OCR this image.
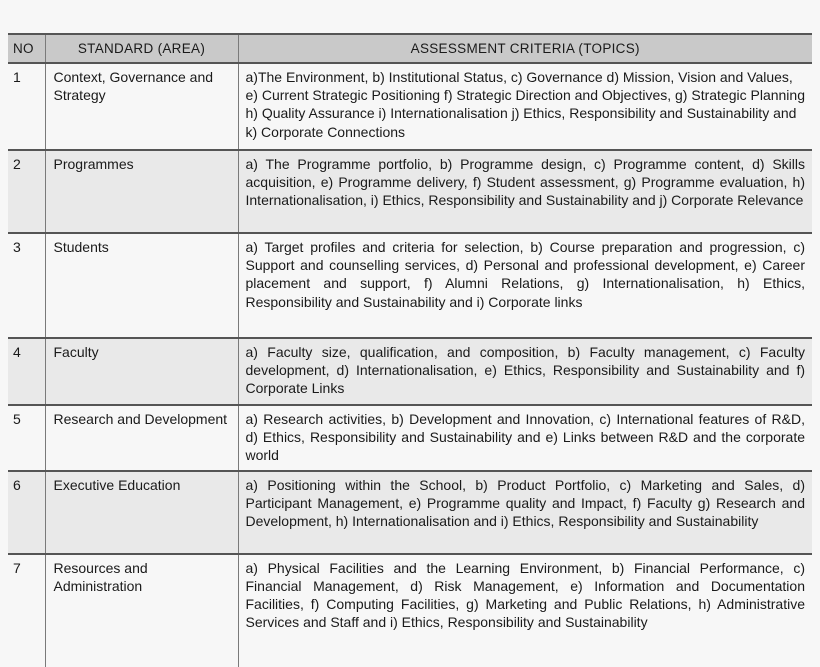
NO	STANDARD (AREA)	ASSESSMENT CRITERIA (TOPICS)
1	Context, Governance and Strategy	a)The Environment, b) Institutional Status, c) Governance d) Mission, Vision and Values, e) Current Strategic Positioning f) Strategic Direction and Objectives, g) Strategic Planning h) Quality Assurance i) Internationalisation j) Ethics, Responsibility and Sustainability and k) Corporate Connections
2	Programmes	a) The Programme portfolio, b) Programme design, c) Programme content, d) Skills acquisition, e) Programme delivery, f) Student assessment, g) Programme evaluation, h) Internationalisation, i) Ethics, Responsibility and Sustainability and j) Corporate Relevance
3	Students	a) Target profiles and criteria for selection, b) Course preparation and progression, c) Support and counselling services, d) Personal and professional development, e) Career placement and support, f) Alumni Relations, g) Internationalisation, h) Ethics, Responsibility and Sustainability and i) Corporate links
4	Faculty	a) Faculty size, qualification, and composition, b) Faculty management, c) Faculty development, d) Internationalisation, e) Ethics, Responsibility and Sustainability and f) Corporate Links
5	Research and Development	a) Research activities, b) Development and Innovation, c) International features of R&D, d) Ethics, Responsibility and Sustainability and e) Links between R&D and the corporate world
6	Executive Education	a) Positioning within the School, b) Product Portfolio, c) Marketing and Sales, d) Participant Management, e) Programme quality and Impact, f) Faculty g) Research and Development, h) Internationalisation and i) Ethics, Responsibility and Sustainability
7	Resources and Administration	a) Physical Facilities and the Learning Environment, b) Financial Performance, c) Financial Management, d) Risk Management, e) Information and Documentation Facilities, f) Computing Facilities, g) Marketing and Public Relations, h) Administrative Services and Staff and i) Ethics, Responsibility and Sustainability
